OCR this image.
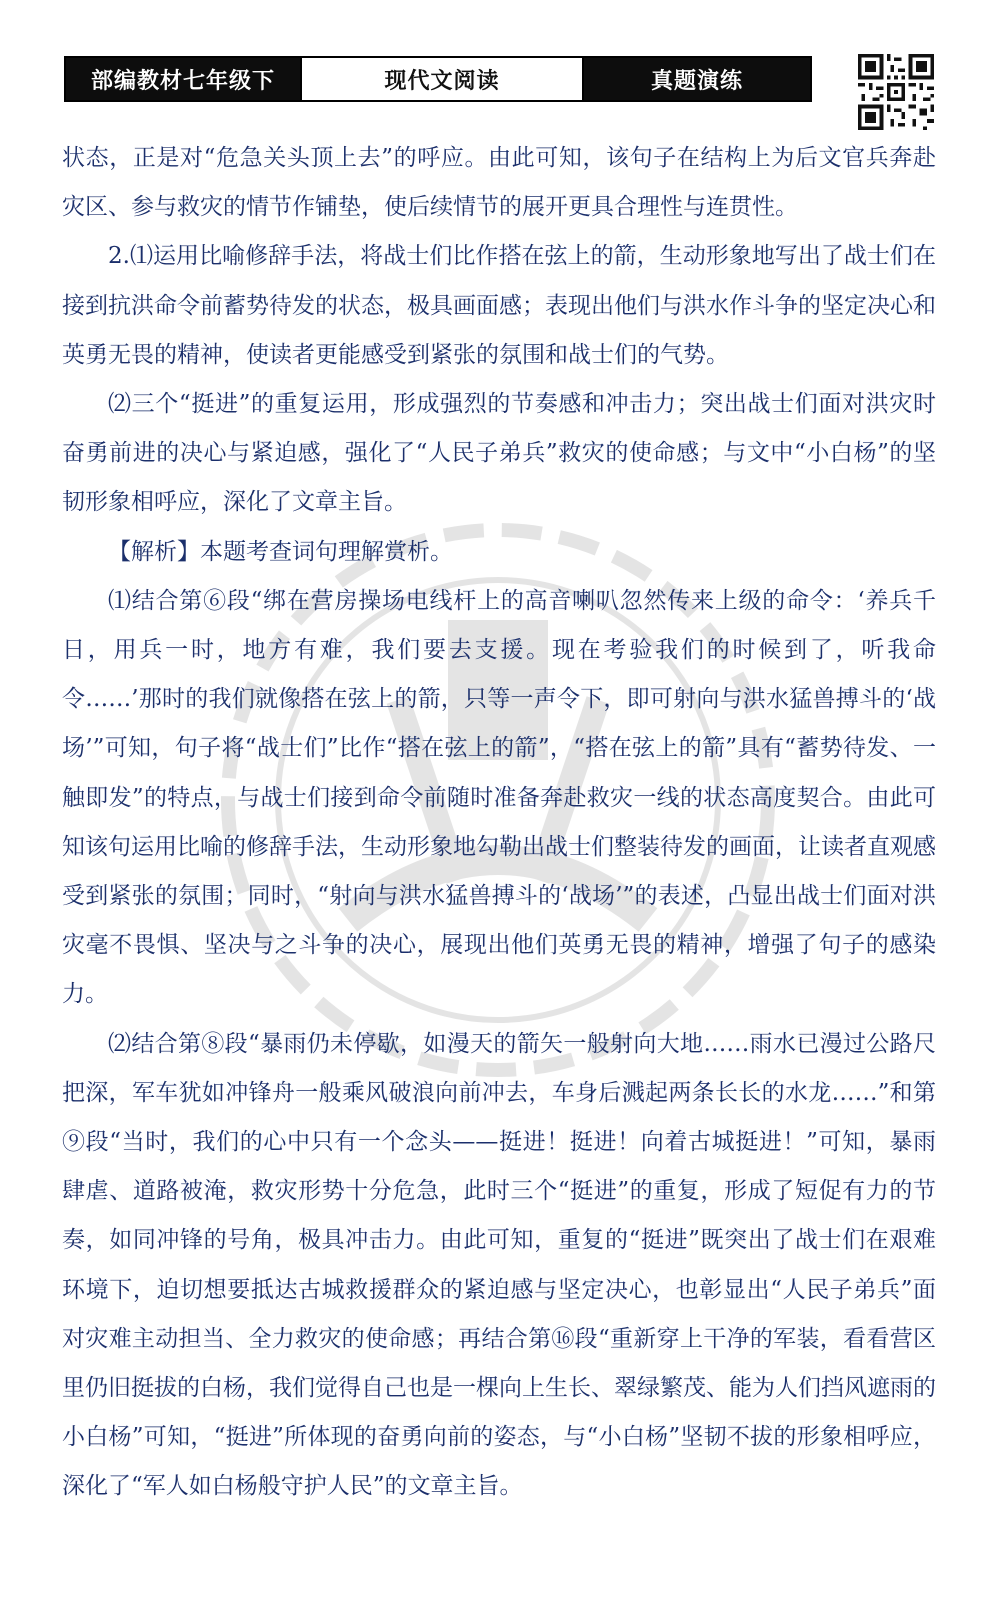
部编教材七年级下	现代文阅读	真题演练

状态，正是对“危急关头顶上去”的呼应。由此可知，该句子在结构上为后文官兵奔赴灾区、参与救灾的情节作铺垫，使后续情节的展开更具合理性与连贯性。

2.⑴运用比喻修辞手法，将战士们比作搭在弦上的箭，生动形象地写出了战士们在接到抗洪命令前蓄势待发的状态，极具画面感；表现出他们与洪水作斗争的坚定决心和英勇无畏的精神，使读者更能感受到紧张的氛围和战士们的气势。

⑵三个“挺进”的重复运用，形成强烈的节奏感和冲击力；突出战士们面对洪灾时奋勇前进的决心与紧迫感，强化了“人民子弟兵”救灾的使命感；与文中“小白杨”的坚韧形象相呼应，深化了文章主旨。

【解析】本题考查词句理解赏析。

⑴结合第⑥段“绑在营房操场电线杆上的高音喇叭忽然传来上级的命令：‘养兵千日，用兵一时，地方有难，我们要去支援。现在考验我们的时候到了，听我命令……’那时的我们就像搭在弦上的箭，只等一声令下，即可射向与洪水猛兽搏斗的‘战场’”可知，句子将“战士们”比作“搭在弦上的箭”，“搭在弦上的箭”具有“蓄势待发、一触即发”的特点，与战士们接到命令前随时准备奔赴救灾一线的状态高度契合。由此可知该句运用比喻的修辞手法，生动形象地勾勒出战士们整装待发的画面，让读者直观感受到紧张的氛围；同时，“射向与洪水猛兽搏斗的‘战场’”的表述，凸显出战士们面对洪灾毫不畏惧、坚决与之斗争的决心，展现出他们英勇无畏的精神，增强了句子的感染力。

⑵结合第⑧段“暴雨仍未停歇，如漫天的箭矢一般射向大地……雨水已漫过公路尺把深，军车犹如冲锋舟一般乘风破浪向前冲去，车身后溅起两条长长的水龙……”和第⑨段“当时，我们的心中只有一个念头——挺进！挺进！向着古城挺进！”可知，暴雨肆虐、道路被淹，救灾形势十分危急，此时三个“挺进”的重复，形成了短促有力的节奏，如同冲锋的号角，极具冲击力。由此可知，重复的“挺进”既突出了战士们在艰难环境下，迫切想要抵达古城救援群众的紧迫感与坚定决心，也彰显出“人民子弟兵”面对灾难主动担当、全力救灾的使命感；再结合第⑯段“重新穿上干净的军装，看看营区里仍旧挺拔的白杨，我们觉得自己也是一棵向上生长、翠绿繁茂、能为人们挡风遮雨的小白杨”可知，“挺进”所体现的奋勇向前的姿态，与“小白杨”坚韧不拔的形象相呼应，深化了“军人如白杨般守护人民”的文章主旨。
